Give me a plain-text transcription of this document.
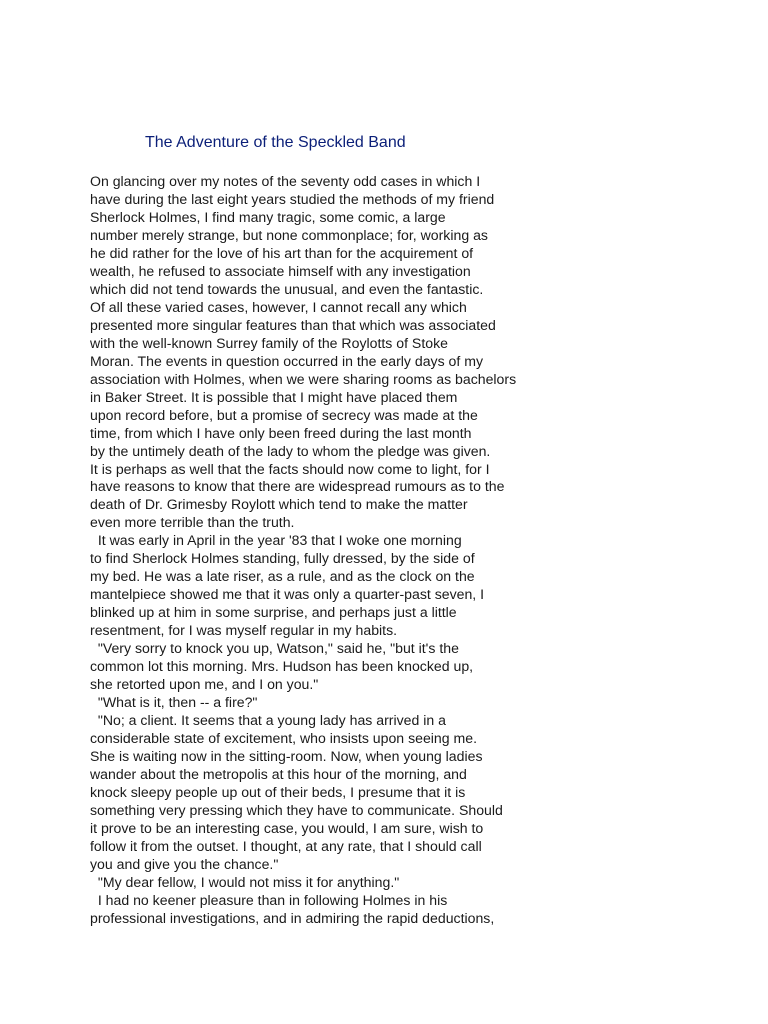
The Adventure of the Speckled Band
On glancing over my notes of the seventy odd cases in which I
have during the last eight years studied the methods of my friend
Sherlock Holmes, I find many tragic, some comic, a large
number merely strange, but none commonplace; for, working as
he did rather for the love of his art than for the acquirement of
wealth, he refused to associate himself with any investigation
which did not tend towards the unusual, and even the fantastic.
Of all these varied cases, however, I cannot recall any which
presented more singular features than that which was associated
with the well-known Surrey family of the Roylotts of Stoke
Moran. The events in question occurred in the early days of my
association with Holmes, when we were sharing rooms as bachelors
in Baker Street. It is possible that I might have placed them
upon record before, but a promise of secrecy was made at the
time, from which I have only been freed during the last month
by the untimely death of the lady to whom the pledge was given.
It is perhaps as well that the facts should now come to light, for I
have reasons to know that there are widespread rumours as to the
death of Dr. Grimesby Roylott which tend to make the matter
even more terrible than the truth.
It was early in April in the year '83 that I woke one morning
to find Sherlock Holmes standing, fully dressed, by the side of
my bed. He was a late riser, as a rule, and as the clock on the
mantelpiece showed me that it was only a quarter-past seven, I
blinked up at him in some surprise, and perhaps just a little
resentment, for I was myself regular in my habits.
"Very sorry to knock you up, Watson," said he, "but it's the
common lot this morning. Mrs. Hudson has been knocked up,
she retorted upon me, and I on you."
"What is it, then -- a fire?"
"No; a client. It seems that a young lady has arrived in a
considerable state of excitement, who insists upon seeing me.
She is waiting now in the sitting-room. Now, when young ladies
wander about the metropolis at this hour of the morning, and
knock sleepy people up out of their beds, I presume that it is
something very pressing which they have to communicate. Should
it prove to be an interesting case, you would, I am sure, wish to
follow it from the outset. I thought, at any rate, that I should call
you and give you the chance."
"My dear fellow, I would not miss it for anything."
I had no keener pleasure than in following Holmes in his
professional investigations, and in admiring the rapid deductions,
